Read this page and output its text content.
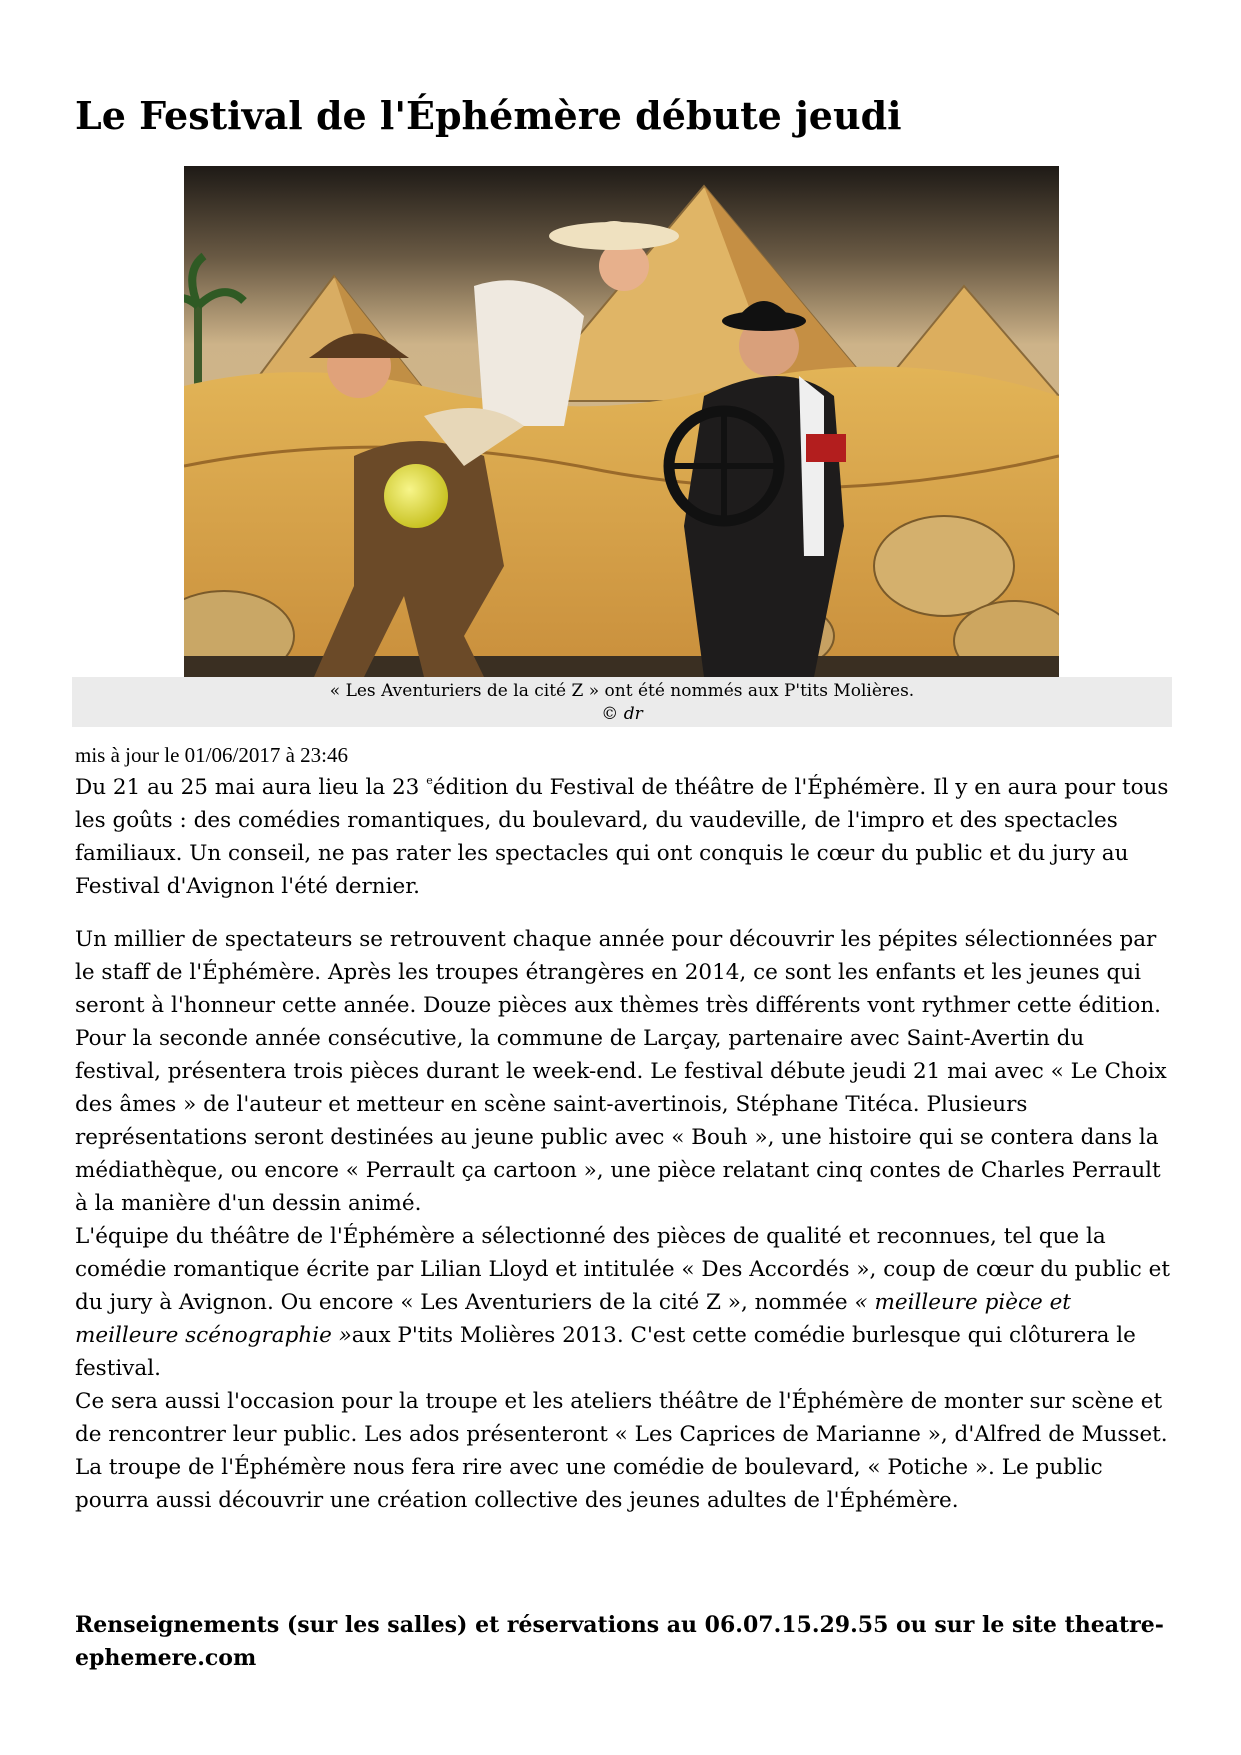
Le Festival de l'Éphémère débute jeudi
« Les Aventuriers de la cité Z » ont été nommés aux P'tits Molières.
© dr
mis à jour le 01/06/2017 à 23:46

Du 21 au 25 mai aura lieu la 23 $^e$édition du Festival de théâtre de l'Éphémère. Il y en aura pour tous les goûts : des comédies romantiques, du boulevard, du vaudeville, de l'impro et des spectacles familiaux. Un conseil, ne pas rater les spectacles qui ont conquis le cœur du public et du jury au Festival d'Avignon l'été dernier.

Un millier de spectateurs se retrouvent chaque année pour découvrir les pépites sélectionnées par le staff de l'Éphémère. Après les troupes étrangères en 2014, ce sont les enfants et les jeunes qui seront à l'honneur cette année. Douze pièces aux thèmes très différents vont rythmer cette édition. Pour la seconde année consécutive, la commune de Larçay, partenaire avec Saint-Avertin du festival, présentera trois pièces durant le week-end. Le festival débute jeudi 21 mai avec « Le Choix des âmes » de l'auteur et metteur en scène saint-avertinois, Stéphane Titéca. Plusieurs représentations seront destinées au jeune public avec « Bouh », une histoire qui se contera dans la médiathèque, ou encore « Perrault ça cartoon », une pièce relatant cinq contes de Charles Perrault à la manière d'un dessin animé.

L'équipe du théâtre de l'Éphémère a sélectionné des pièces de qualité et reconnues, tel que la comédie romantique écrite par Lilian Lloyd et intitulée « Des Accordés », coup de cœur du public et du jury à Avignon. Ou encore « Les Aventuriers de la cité Z », nommée « meilleure pièce et meilleure scénographie »aux P'tits Molières 2013. C'est cette comédie burlesque qui clôturera le festival.

Ce sera aussi l'occasion pour la troupe et les ateliers théâtre de l'Éphémère de monter sur scène et de rencontrer leur public. Les ados présenteront « Les Caprices de Marianne », d'Alfred de Musset. La troupe de l'Éphémère nous fera rire avec une comédie de boulevard, « Potiche ». Le public pourra aussi découvrir une création collective des jeunes adultes de l'Éphémère.

Renseignements (sur les salles) et réservations au 06.07.15.29.55 ou sur le site theatre-ephemere.com
